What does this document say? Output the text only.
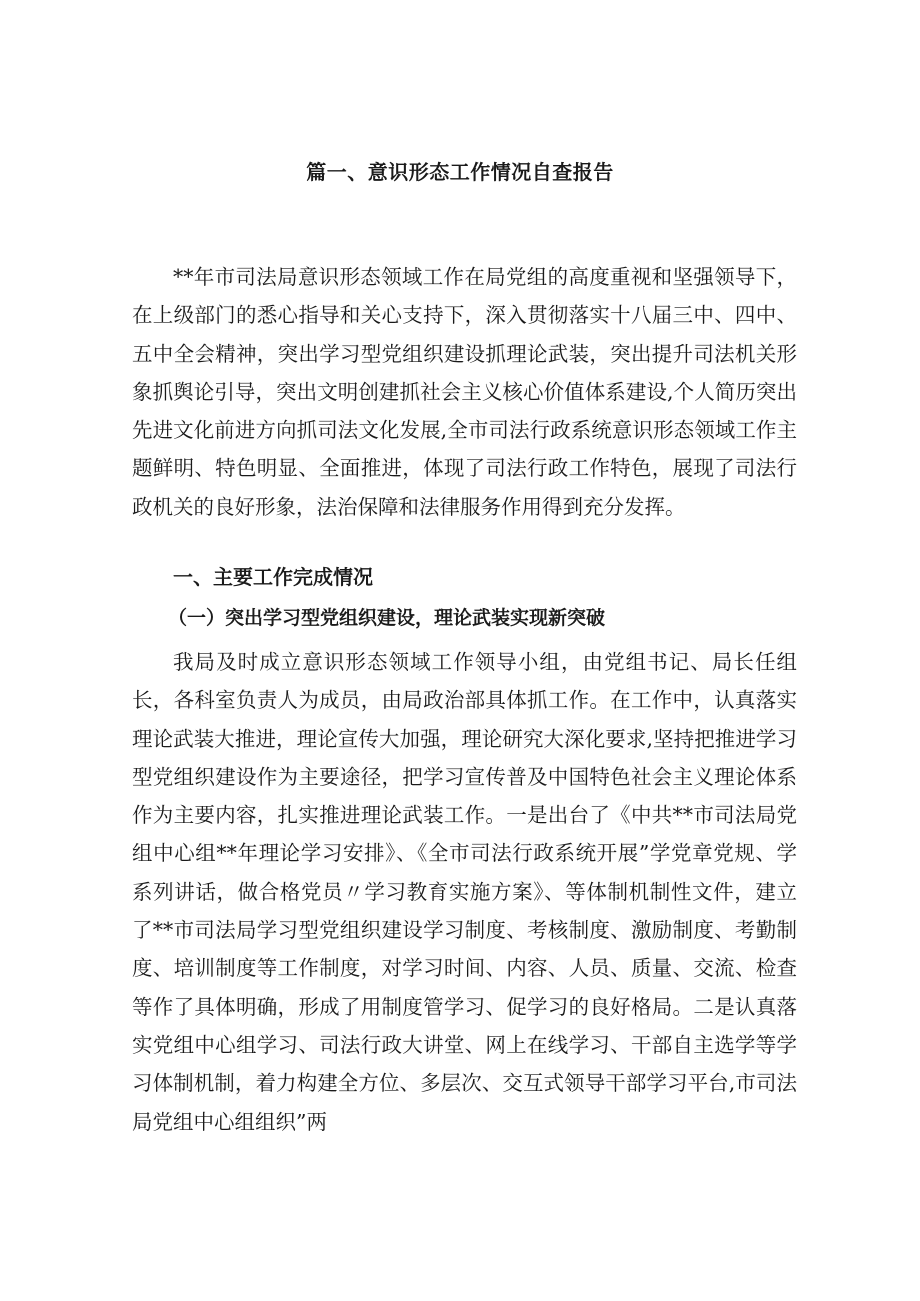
篇一、意识形态工作情况自查报告

**年市司法局意识形态领域工作在局党组的高度重视和坚强领导下，在上级部门的悉心指导和关心支持下，深入贯彻落实十八届三中、四中、五中全会精神，突出学习型党组织建设抓理论武装，突出提升司法机关形象抓舆论引导，突出文明创建抓社会主义核心价值体系建设,个人简历突出先进文化前进方向抓司法文化发展,全市司法行政系统意识形态领域工作主题鲜明、特色明显、全面推进，体现了司法行政工作特色，展现了司法行政机关的良好形象，法治保障和法律服务作用得到充分发挥。

一、主要工作完成情况
（一）突出学习型党组织建设，理论武装实现新突破

我局及时成立意识形态领域工作领导小组，由党组书记、局长任组长，各科室负责人为成员，由局政治部具体抓工作。在工作中，认真落实理论武装大推进，理论宣传大加强，理论研究大深化要求,坚持把推进学习型党组织建设作为主要途径，把学习宣传普及中国特色社会主义理论体系作为主要内容，扎实推进理论武装工作。一是出台了《中共**市司法局党组中心组**年理论学习安排》、《全市司法行政系统开展”学党章党规、学系列讲话，做合格党员〃学习教育实施方案》、等体制机制性文件，建立了**市司法局学习型党组织建设学习制度、考核制度、激励制度、考勤制度、培训制度等工作制度，对学习时间、内容、人员、质量、交流、检查等作了具体明确，形成了用制度管学习、促学习的良好格局。二是认真落实党组中心组学习、司法行政大讲堂、网上在线学习、干部自主选学等学习体制机制，着力构建全方位、多层次、交互式领导干部学习平台,市司法局党组中心组组织”两
